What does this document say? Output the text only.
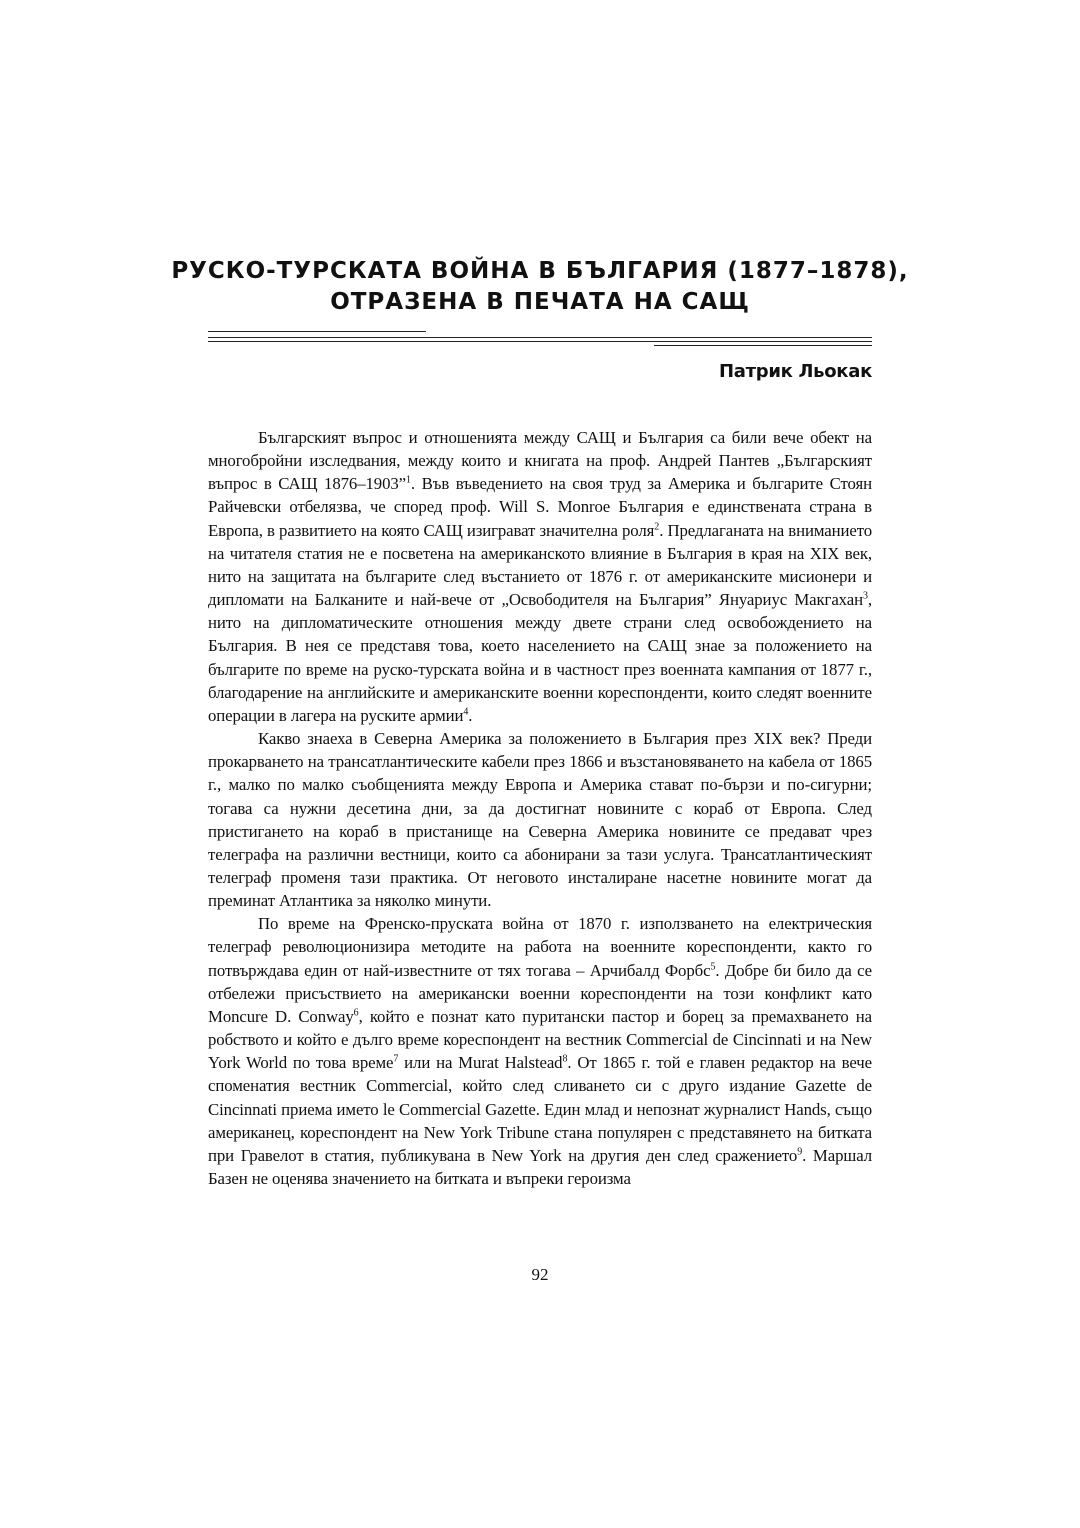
РУСКО-ТУРСКАТА ВОЙНА В БЪЛГАРИЯ (1877–1878),
ОТРАЗЕНА В ПЕЧАТА НА САЩ
Патрик Льокак

Българският въпрос и отношенията между САЩ и България са били вече обект на многобройни изследвания, между които и книгата на проф. Андрей Пантев „Българският въпрос в САЩ 1876–1903”$^1$. Във въведението на своя труд за Америка и българите Стоян Райчевски отбелязва, че според проф. Will S. Monroe България е единствената страна в Европа, в развитието на която САЩ изиграват значителна роля$^2$. Предлаганата на вниманието на читателя статия не е посветена на американското влияние в България в края на XIX век, нито на защитата на българите след въстанието от 1876 г. от американските мисионери и дипломати на Балканите и най-вече от „Освободителя на България” Януариус Макгахан$^3$, нито на дипломатическите отношения между двете страни след освобождението на България. В нея се представя това, което населението на САЩ знае за положението на българите по време на руско-турската война и в частност през военната кампания от 1877 г., благодарение на английските и американските военни кореспонденти, които следят военните операции в лагера на руските армии$^4$.

Какво знаеха в Северна Америка за положението в България през XIX век? Преди прокарването на трансатлантическите кабели през 1866 и възстановяването на кабела от 1865 г., малко по малко съобщенията между Европа и Америка стават по-бързи и по-сигурни; тогава са нужни десетина дни, за да достигнат новините с кораб от Европа. След пристигането на кораб в пристанище на Северна Америка новините се предават чрез телеграфа на различни вестници, които са абонирани за тази услуга. Трансатлантическият телеграф променя тази практика. От неговото инсталиране насетне новините могат да преминат Атлантика за няколко минути.

По време на Френско-пруската война от 1870 г. използването на електрическия телеграф революционизира методите на работа на военните кореспонденти, както го потвърждава един от най-известните от тях тогава – Арчибалд Форбс$^5$. Добре би било да се отбележи присъствието на американски военни кореспонденти на този конфликт като Moncure D. Conway$^6$, който е познат като пуритански пастор и борец за премахването на робството и който е дълго време кореспондент на вестник Commercial de Cincinnati и на New York World по това време$^7$ или на Murat Halstead$^8$. От 1865 г. той е главен редактор на вече споменатия вестник Commercial, който след сливането си с друго издание Gazette de Cincinnati приема името le Commercial Gazette. Един млад и непознат журналист Hands, също американец, кореспондент на New York Tribune стана популярен с представянето на битката при Гравелот в статия, публикувана в New York на другия ден след сражението$^9$. Маршал Базен не оценява значението на битката и въпреки героизма

92
